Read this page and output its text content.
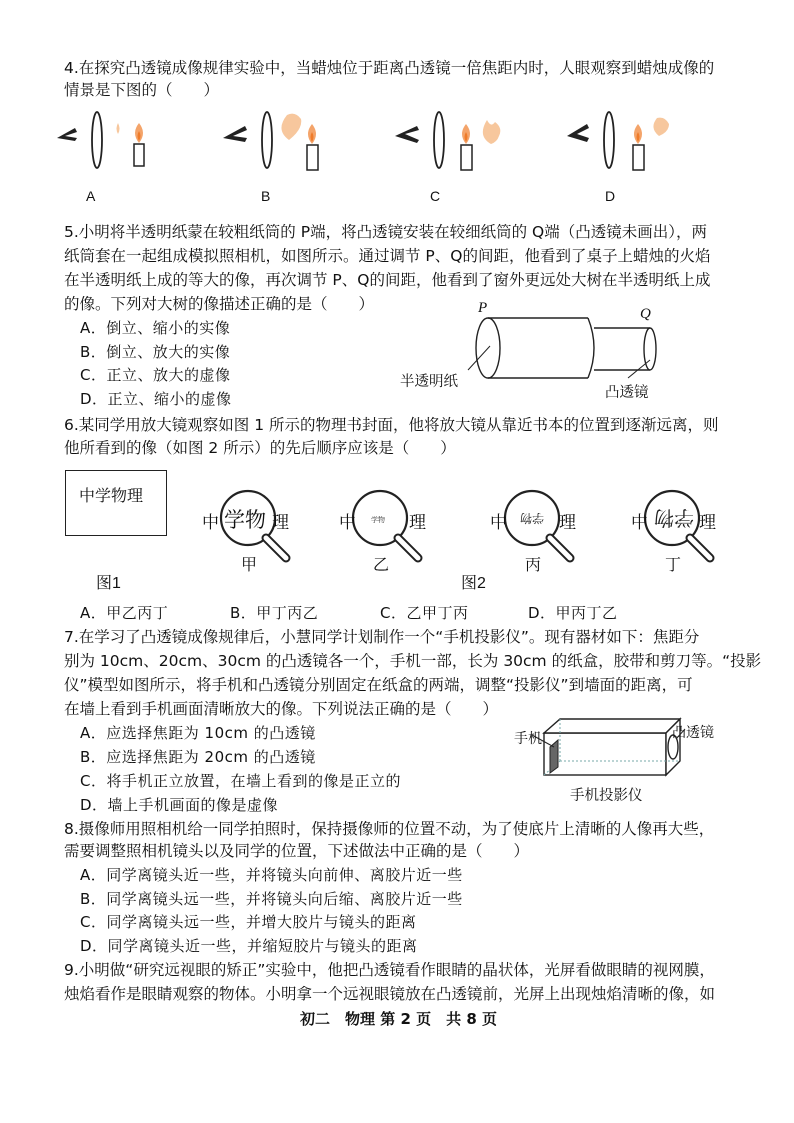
4.在探究凸透镜成像规律实验中，当蜡烛位于距离凸透镜一倍焦距内时，人眼观察到蜡烛成像的
情景是下图的（　　）
A	B	C	D
5.小明将半透明纸蒙在较粗纸筒的 P端，将凸透镜安装在较细纸筒的 Q端（凸透镜未画出），两
纸筒套在一起组成模拟照相机，如图所示。通过调节 P、Q的间距，他看到了桌子上蜡烛的火焰
在半透明纸上成的等大的像，再次调节 P、Q的间距，他看到了窗外更远处大树在半透明纸上成
的像。下列对大树的像描述正确的是（　　）
A．倒立、缩小的实像
B．倒立、放大的实像
C．正立、放大的虚像
D．正立、缩小的虚像
P	Q
半透明纸
凸透镜
6.某同学用放大镜观察如图 1 所示的物理书封面，他将放大镜从靠近书本的位置到逐渐远离，则
他所看到的像（如图 2 所示）的先后顺序应该是（　　）
中学物理
图1
学物	学物	学物
中 学物 理	中	理	中	理	中	理
甲	乙	丙	丁
图2
A．甲乙丙丁	B．甲丁丙乙	C．乙甲丁丙	D．甲丙丁乙
7.在学习了凸透镜成像规律后，小慧同学计划制作一个“手机投影仪”。现有器材如下：焦距分
别为 10cm、20cm、30cm 的凸透镜各一个，手机一部，长为 30cm 的纸盒，胶带和剪刀等。“投影
仪”模型如图所示，将手机和凸透镜分别固定在纸盒的两端，调整“投影仪”到墙面的距离，可
在墙上看到手机画面清晰放大的像。下列说法正确的是（　　）
A．应选择焦距为 10cm 的凸透镜
B．应选择焦距为 20cm 的凸透镜
C．将手机正立放置，在墙上看到的像是正立的
D．墙上手机画面的像是虚像
手机	凸透镜
手机投影仪
8.摄像师用照相机给一同学拍照时，保持摄像师的位置不动，为了使底片上清晰的人像再大些，
需要调整照相机镜头以及同学的位置，下述做法中正确的是（　　）
A．同学离镜头近一些，并将镜头向前伸、离胶片近一些
B．同学离镜头远一些，并将镜头向后缩、离胶片近一些
C．同学离镜头远一些，并增大胶片与镜头的距离
D．同学离镜头近一些，并缩短胶片与镜头的距离
9.小明做“研究远视眼的矫正”实验中，他把凸透镜看作眼睛的晶状体，光屏看做眼睛的视网膜，
烛焰看作是眼睛观察的物体。小明拿一个远视眼镜放在凸透镜前，光屏上出现烛焰清晰的像，如
初二　物理 第 2 页　共 8 页
